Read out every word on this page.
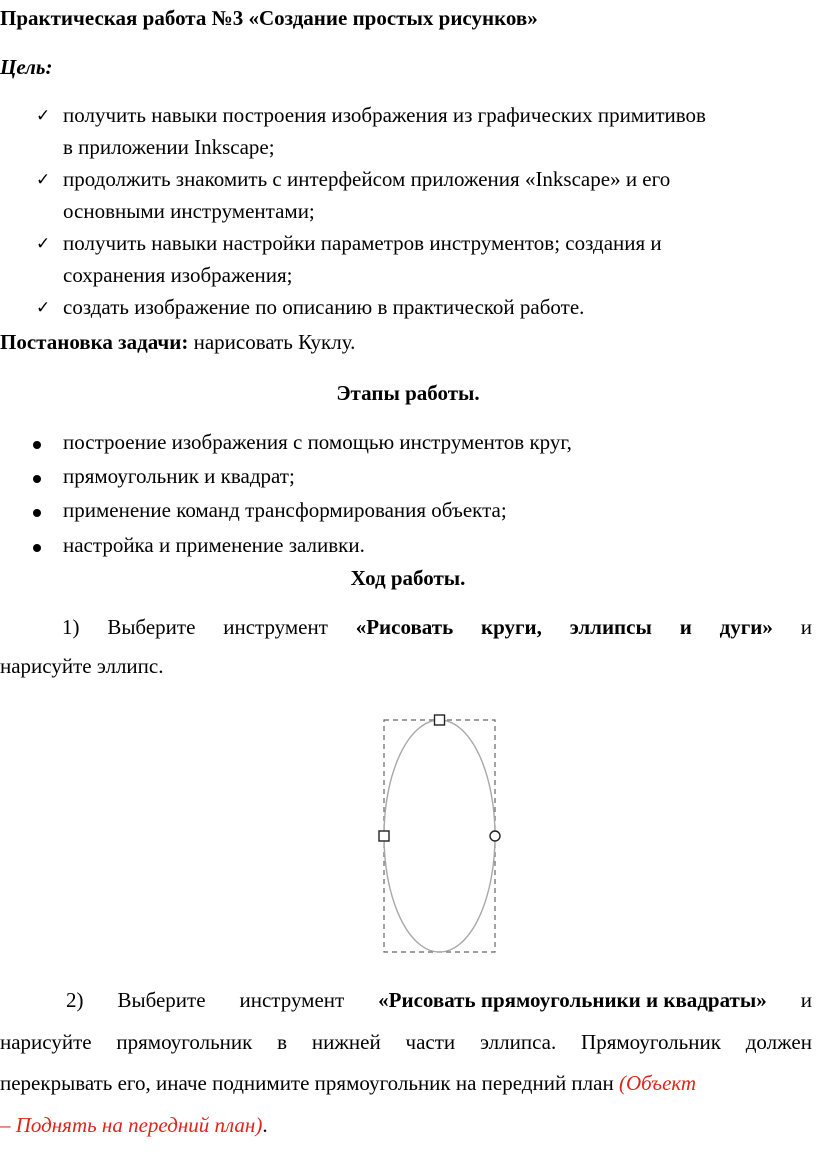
Практическая работа №3 «Создание простых рисунков»
Цель:
✓ получить навыки построения изображения из графических примитивов
в приложении Inkscape;
✓ продолжить знакомить с интерфейсом приложения «Inkscape» и его
основными инструментами;
✓ получить навыки настройки параметров инструментов; создания и
сохранения изображения;
✓ создать изображение по описанию в практической работе.
Постановка задачи: нарисовать Куклу.
Этапы работы.
построение изображения с помощью инструментов круг,
прямоугольник и квадрат;
применение команд трансформирования объекта;
настройка и применение заливки.
Ход работы.
1) Выберите инструмент «Рисовать круги, эллипсы и дуги» и
нарисуйте эллипс.
2) Выберите инструмент «Рисовать прямоугольники и квадраты» и
нарисуйте прямоугольник в нижней части эллипса. Прямоугольник должен
перекрывать его, иначе поднимите прямоугольник на передний план (Объект
– Поднять на передний план).
